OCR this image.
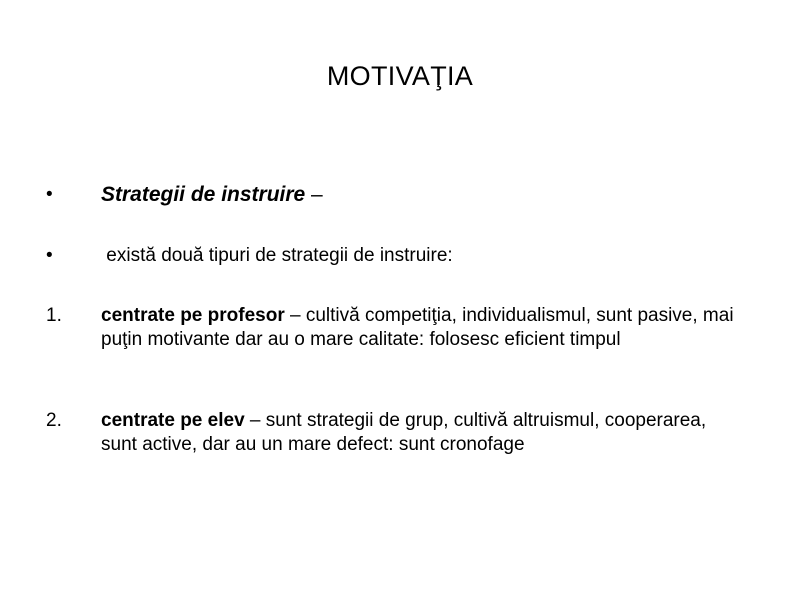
MOTIVAŢIA
• Strategii de instruire –
•	există două tipuri de strategii de instruire:
1. centrate pe profesor – cultivă competiţia, individualismul, sunt pasive, mai puţin motivante dar au o mare calitate: folosesc eficient timpul
2. centrate pe elev – sunt strategii de grup, cultivă altruismul, cooperarea, sunt active, dar au un mare defect: sunt cronofage
